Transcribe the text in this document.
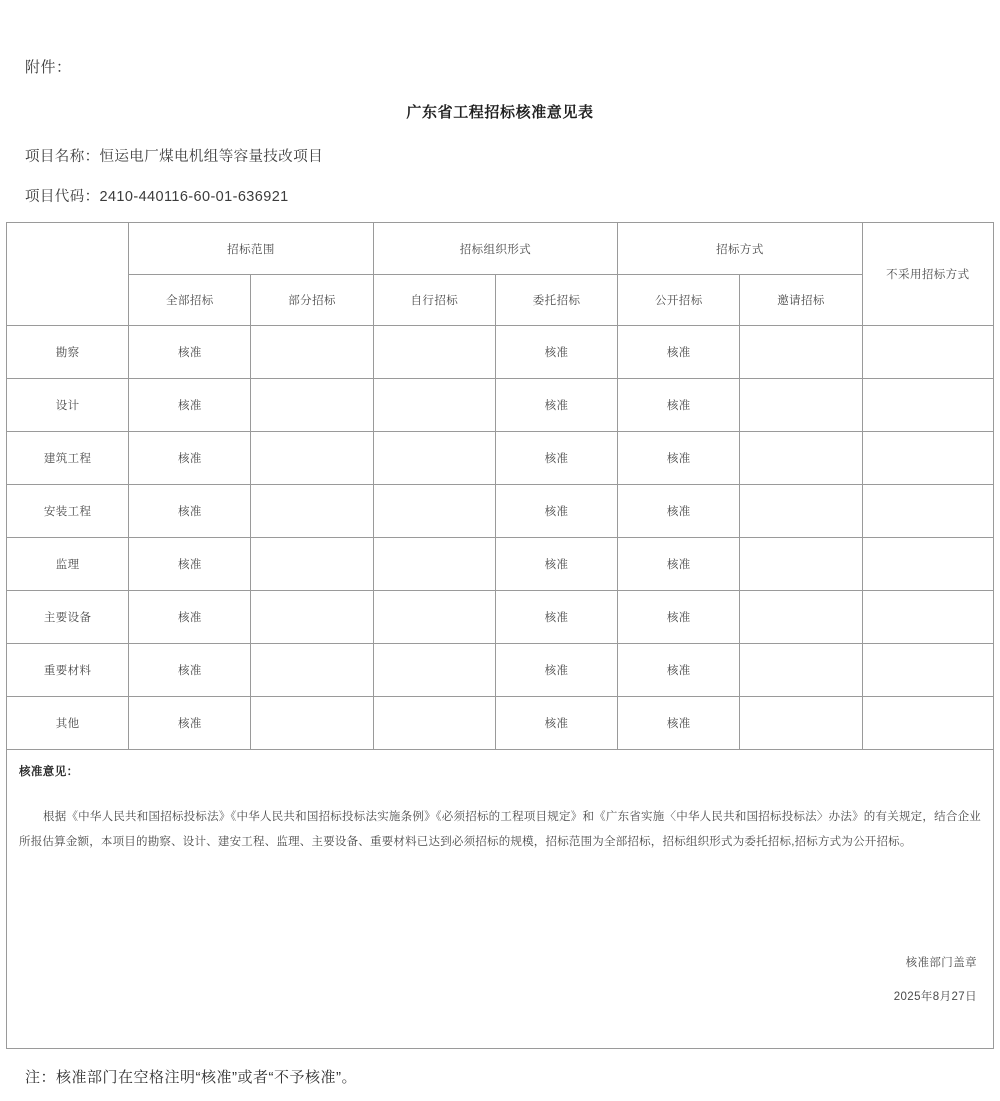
附件：
广东省工程招标核准意见表
项目名称：恒运电厂煤电机组等容量技改项目
项目代码：2410-440116-60-01-636921
	招标范围		招标组织形式		招标方式		不采用招标方式
	全部招标	部分招标	自行招标	委托招标	公开招标	邀请招标	
勘察	核准			核准	核准		
设计	核准			核准	核准		
建筑工程	核准			核准	核准		
安装工程	核准			核准	核准		
监理	核准			核准	核准		
主要设备	核准			核准	核准		
重要材料	核准			核准	核准		
其他	核准			核准	核准		

核准意见：
根据《中华人民共和国招标投标法》《中华人民共和国招标投标法实施条例》《必须招标的工程项目规定》和《广东省实施〈中华人民共和国招标投标法〉办法》的有关规定，结合企业所报估算金额，本项目的勘察、设计、建安工程、监理、主要设备、重要材料已达到必须招标的规模，招标范围为全部招标，招标组织形式为委托招标,招标方式为公开招标。
核准部门盖章
2025年8月27日							
注：核准部门在空格注明“核准”或者“不予核准”。
